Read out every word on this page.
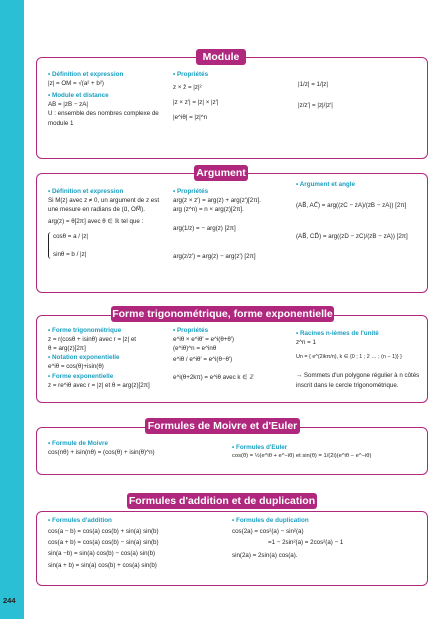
244
Module
• Définition et expression
|z| = OM = √(a² + b²)
• Module et distance
AB = |zB − zA|
U : ensemble des nombres complexe de module 1
• Propriétés
z × z̄ = |z|²
|z × z′| = |z| × |z′|
|e^iθ| = |z|^n
|1/z| = 1/|z|
|z/z′| = |z|/|z′|
Argument
• Définition et expression
Si M(z) avec z ≠ 0, un argument de z est une mesure en radians de (u⃗, OM⃗).
arg(z) = θ[2π] avec θ ∈ ℝ tel que :
cosθ = a / |z|
sinθ = b / |z|
• Propriétés
arg(z × z′) = arg(z) + arg(z′)[2π].
arg (z^n) = n × arg(z)[2π].
arg(1/z) = − arg(z) [2π]
arg(z/z′) = arg(z) − arg(z′) [2π]
• Argument et angle
(AB⃗, AC⃗) = arg((zC − zA)/(zB − zA)) [2π]
(AB⃗, CD⃗) = arg((zD − zC)/(zB − zA)) [2π]
Forme trigonométrique, forme exponentielle
• Forme trigonométrique
z = r(cosθ + isinθ) avec r = |z| et
θ = arg(z)[2π]
• Notation exponentielle
e^iθ = cos(θ)+isin(θ)
• Forme exponentielle
z = re^iθ avec r = |z| et θ = arg(z)[2π]
• Propriétés
e^iθ × e^iθ′ = e^i(θ+θ′)
(e^iθ)^n = e^inθ
e^iθ / e^iθ′ = e^i(θ−θ′)
e^i(θ+2kπ) = e^iθ avec k ∈ ℤ
• Racines n-ièmes de l'unité
z^n = 1
Un = { e^(2ikπ/n), k ∈ {0 ; 1 ; 2 … ; (n − 1)} }
→ Sommets d'un polygone régulier à n côtés inscrit dans le cercle trigonométrique.
Formules de Moivre et d'Euler
• Formule de Moivre
cos(nθ) + isin(nθ) = (cos(θ) + isin(θ)^n)
• Formules d'Euler
cos(θ) = ½(e^iθ + e^−iθ) et sin(θ) = 1/(2i)(e^iθ − e^−iθ)
Formules d'addition et de duplication
• Formules d'addition
cos(a − b) = cos(a) cos(b) + sin(a) sin(b)
cos(a + b) = cos(a) cos(b) − sin(a) sin(b)
sin(a −b) = sin(a) cos(b) − cos(a) sin(b)
sin(a + b) = sin(a) cos(b) + cos(a) sin(b)
• Formules de duplication
cos(2a) = cos²(a) − sin²(a)
=1 − 2sin²(a) = 2cos²(a) − 1
sin(2a) = 2sin(a) cos(a).
